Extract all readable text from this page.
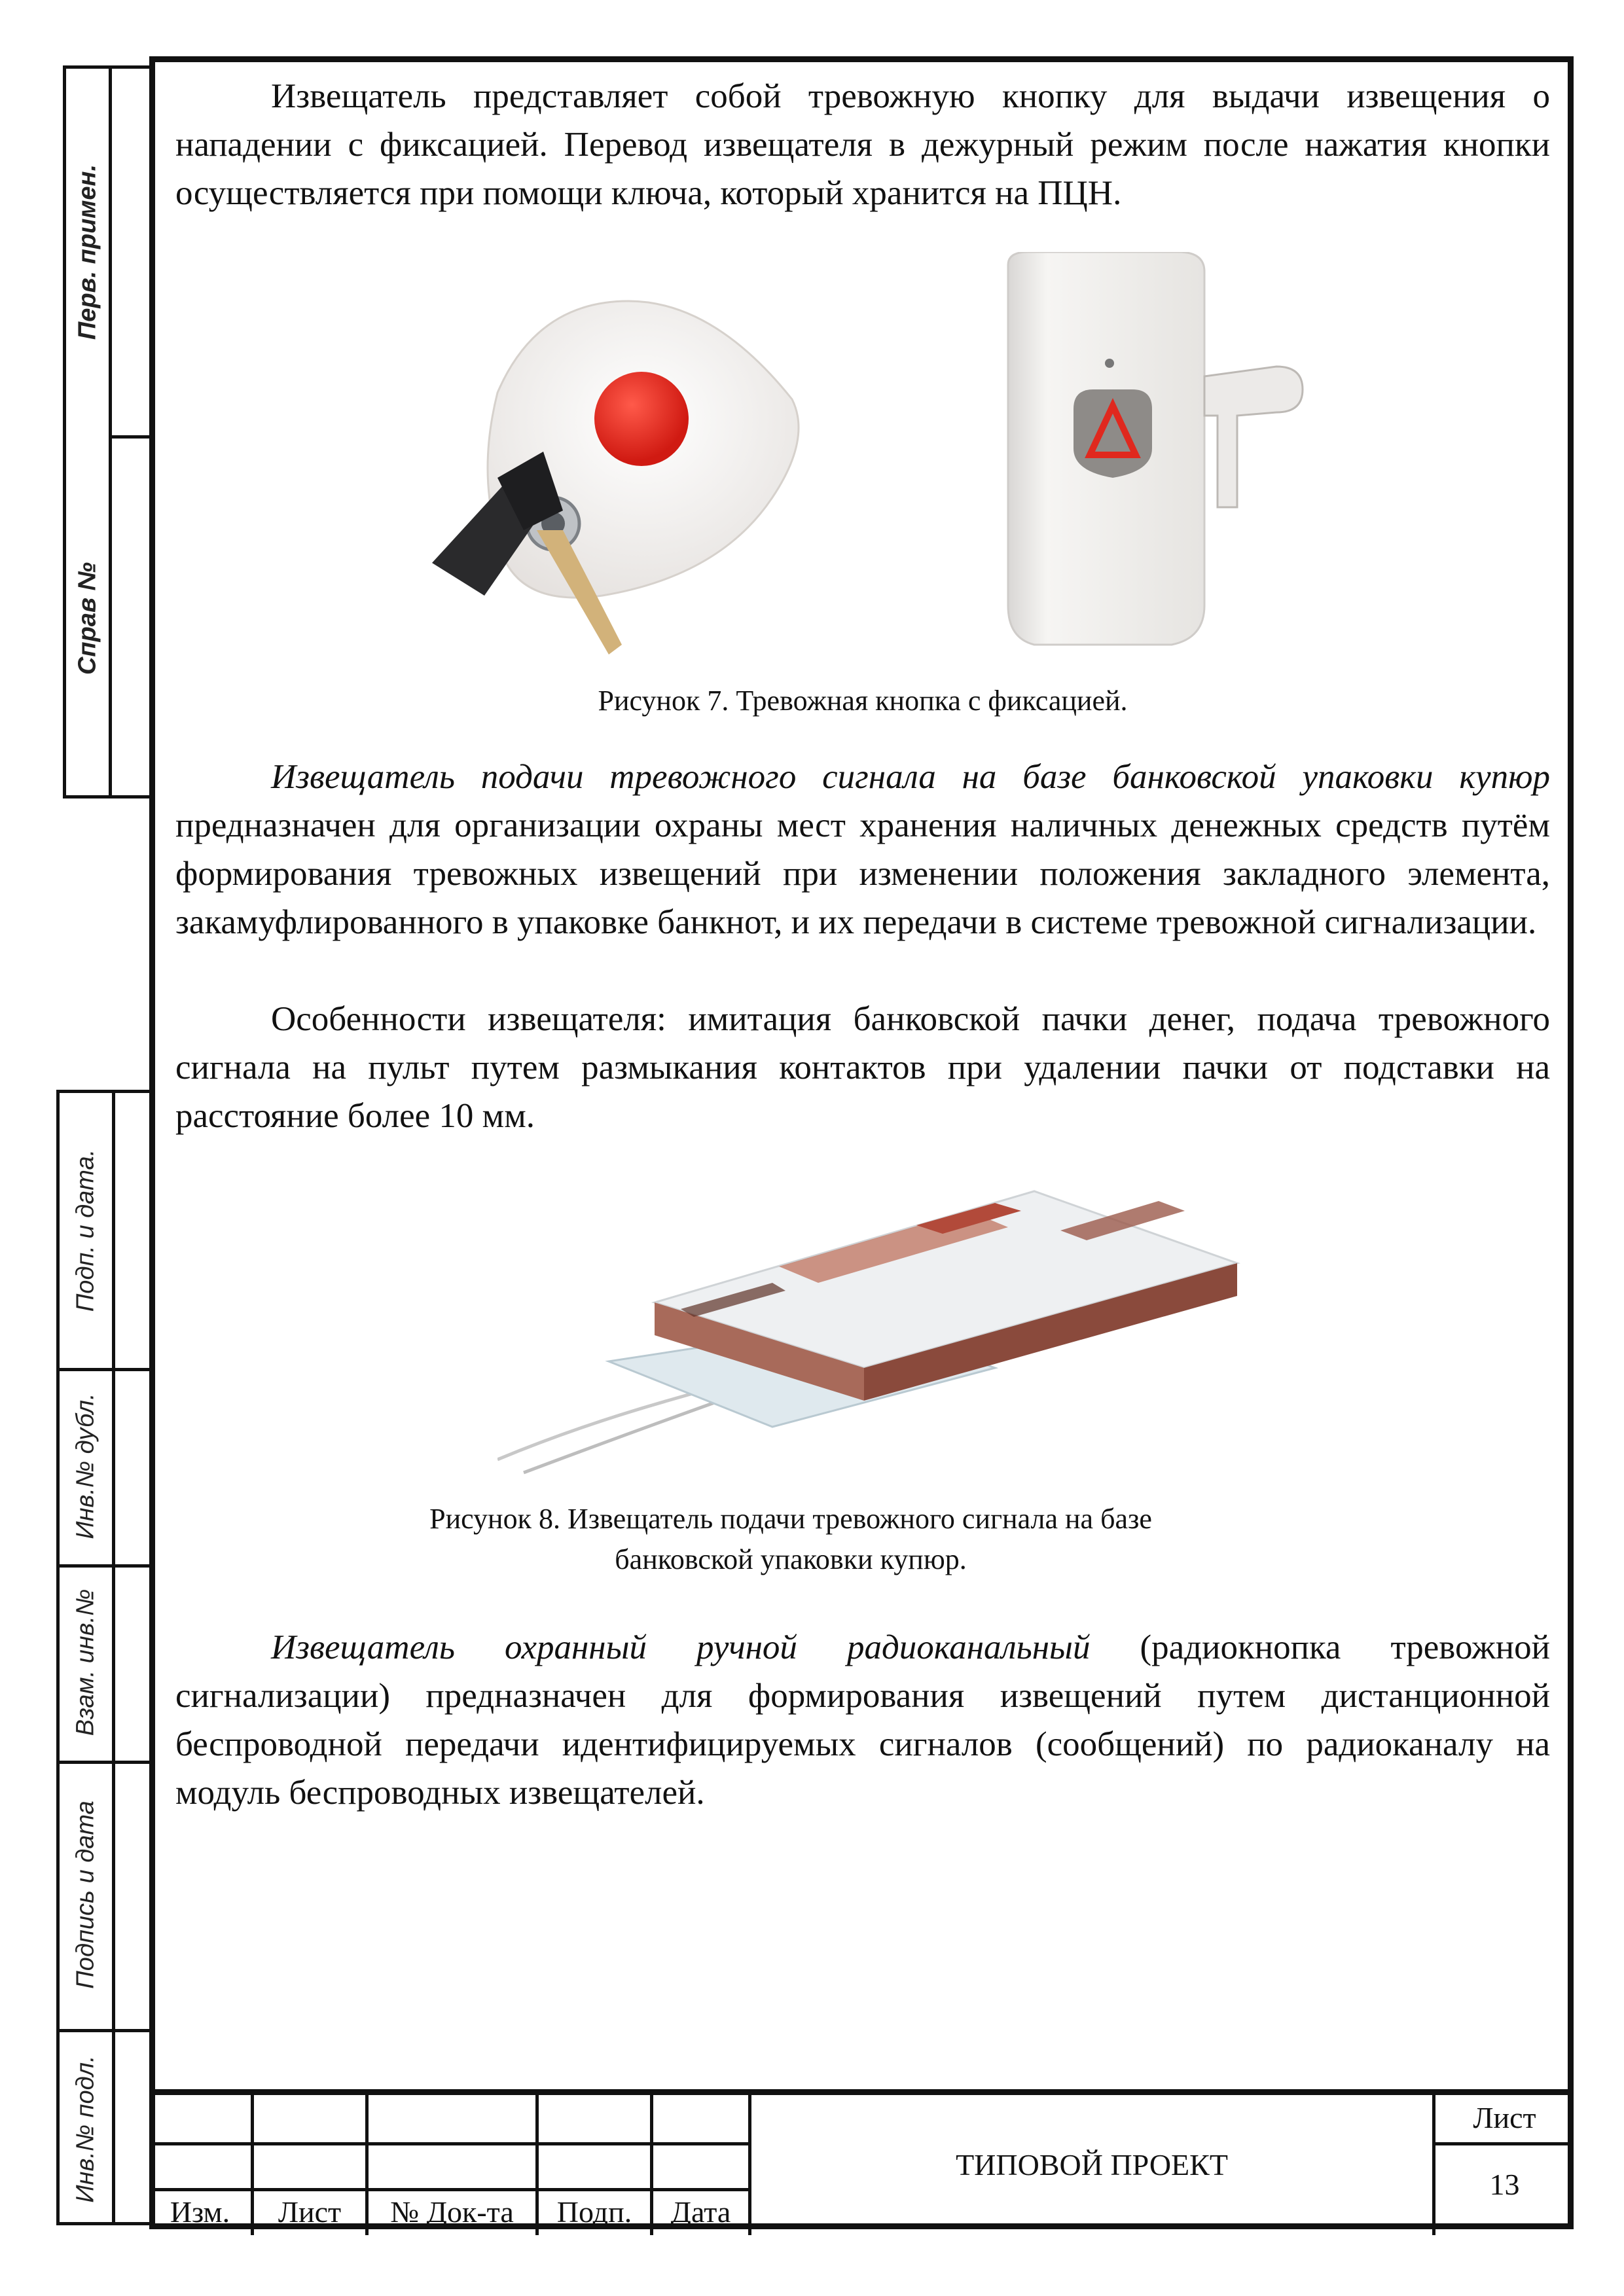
Перв. примен.
Справ №
Подп. и дата.
Инв.№ дубл.
Взам. инв.№
Подпись и дата
Инв.№ подл.
Извещатель представляет собой тревожную кнопку для выдачи извещения о нападении с фиксацией. Перевод извещателя в дежурный режим после нажатия кнопки осуществляется при помощи ключа, который хранится на ПЦН.
Рисунок 7. Тревожная кнопка с фиксацией.
Извещатель подачи тревожного сигнала на базе банковской упаковки купюр предназначен для организации охраны мест хранения наличных денежных средств путём формирования тревожных извещений при изменении положения закладного элемента, закамуфлированного в упаковке банкнот, и их передачи в системе тревожной сигнализации.
Особенности извещателя: имитация банковской пачки денег, подача тревожного сигнала на пульт путем размыкания контактов при удалении пачки от подставки на расстояние более 10 мм.
Рисунок 8. Извещатель подачи тревожного сигнала на базе
банковской упаковки купюр.
Извещатель охранный ручной радиоканальный (радиокнопка тревожной сигнализации) предназначен для формирования извещений путем дистанционной беспроводной передачи идентифицируемых сигналов (сообщений) по радиоканалу на модуль беспроводных извещателей.
Изм.	Лист	№ Док-та	Подп.	Дата
ТИПОВОЙ ПРОЕКТ
Лист
13
